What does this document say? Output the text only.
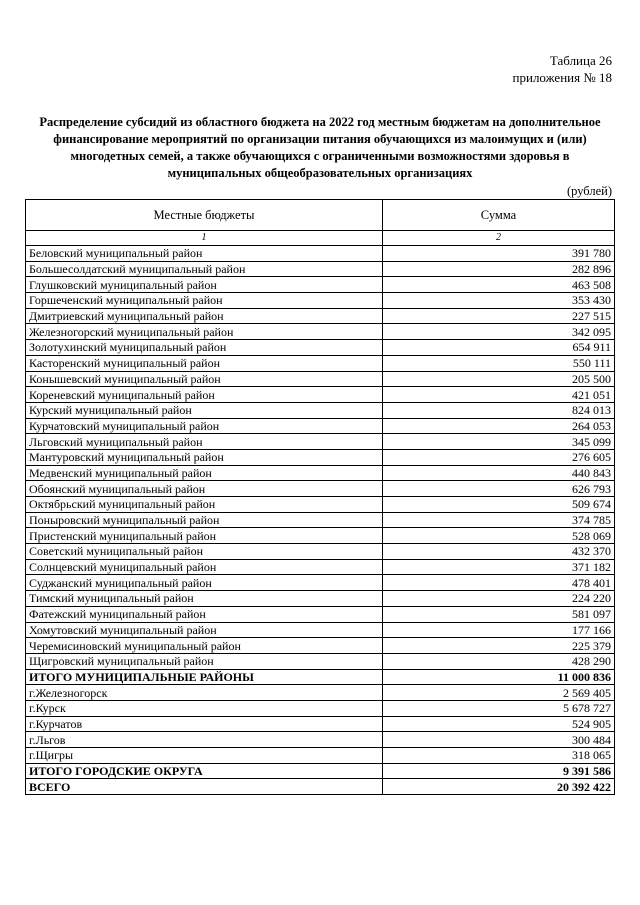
Таблица 26
приложения № 18
Распределение субсидий из областного бюджета на 2022 год местным бюджетам на дополнительное финансирование мероприятий по организации питания обучающихся из малоимущих и (или) многодетных семей, а также обучающихся с ограниченными возможностями здоровья в муниципальных общеобразовательных организациях
(рублей)
Местные бюджеты	Сумма
1	2
Беловский муниципальный район	391 780
Большесолдатский муниципальный район	282 896
Глушковский муниципальный район	463 508
Горшеченский муниципальный район	353 430
Дмитриевский муниципальный район	227 515
Железногорский муниципальный район	342 095
Золотухинский муниципальный район	654 911
Касторенский муниципальный район	550 111
Конышевский муниципальный район	205 500
Кореневский муниципальный район	421 051
Курский муниципальный район	824 013
Курчатовский муниципальный район	264 053
Льговский муниципальный район	345 099
Мантуровский муниципальный район	276 605
Медвенский муниципальный район	440 843
Обоянский муниципальный район	626 793
Октябрьский муниципальный район	509 674
Поныровский муниципальный район	374 785
Пристенский муниципальный район	528 069
Советский муниципальный район	432 370
Солнцевский муниципальный район	371 182
Суджанский муниципальный район	478 401
Тимский муниципальный район	224 220
Фатежский муниципальный район	581 097
Хомутовский муниципальный район	177 166
Черемисиновский муниципальный район	225 379
Щигровский муниципальный район	428 290
ИТОГО МУНИЦИПАЛЬНЫЕ РАЙОНЫ	11 000 836
г.Железногорск	2 569 405
г.Курск	5 678 727
г.Курчатов	524 905
г.Льгов	300 484
г.Щигры	318 065
ИТОГО ГОРОДСКИЕ ОКРУГА	9 391 586
ВСЕГО	20 392 422
